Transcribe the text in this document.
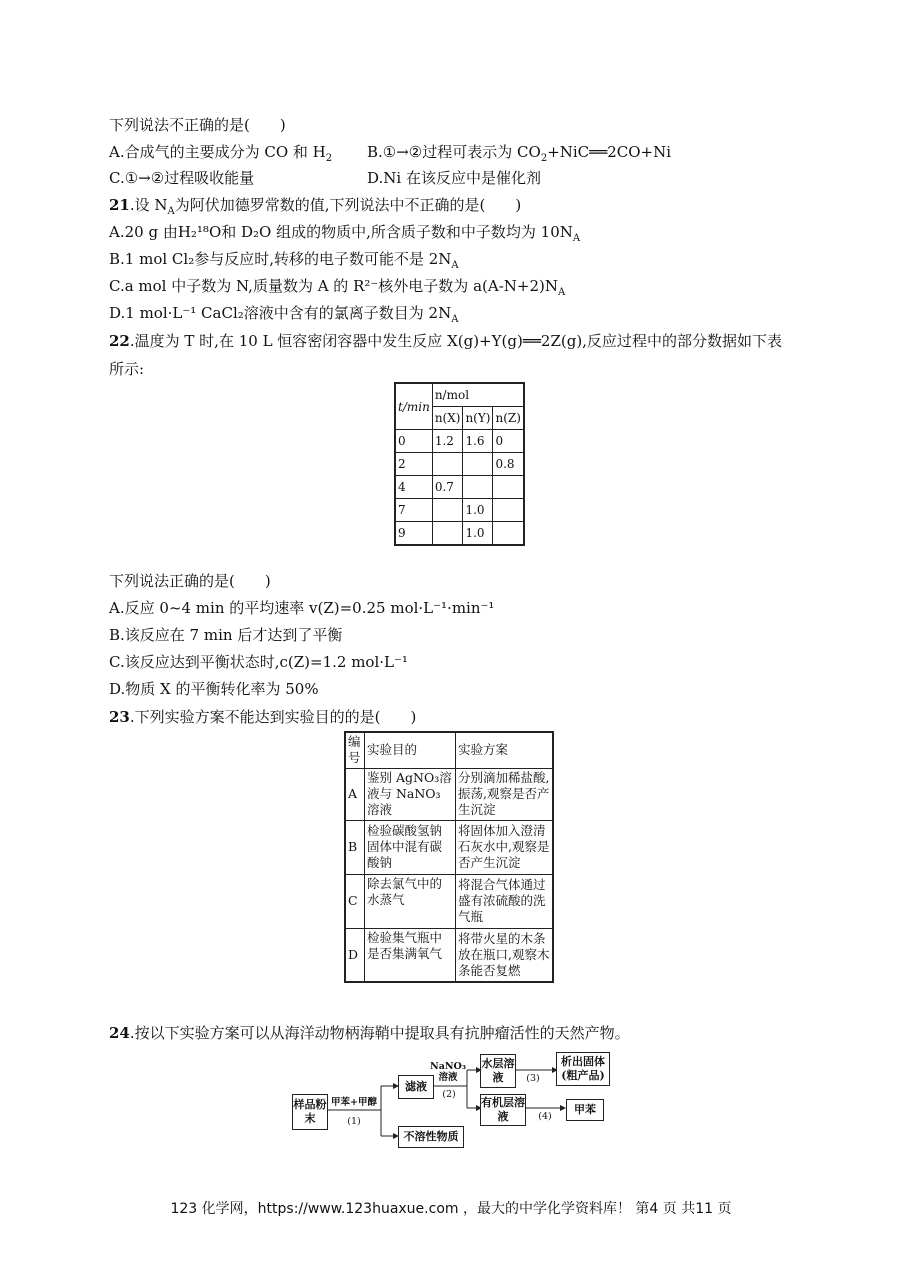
下列说法不正确的是(　　)
A.合成气的主要成分为 CO 和 $H_2$ B.①→②过程可表示为 $CO_2+NiC══2CO+Ni$
C.①→②过程吸收能量	D.Ni 在该反应中是催化剂
21.设 $N_A$为阿伏加德罗常数的值,下列说法中不正确的是(　　)
A.20 g 由H₂¹⁸O和 D₂O 组成的物质中,所含质子数和中子数均为 $10N_A$
B.1 mol Cl₂参与反应时,转移的电子数可能不是 $2N_A$
C.a mol 中子数为 N,质量数为 A 的 R²⁻核外电子数为 $a(A-N+2)N_A$
D.1 mol·L⁻¹ CaCl₂溶液中含有的氯离子数目为 $2N_A$
22.温度为 T 时,在 10 L 恒容密闭容器中发生反应 X(g)+Y(g)══2Z(g),反应过程中的部分数据如下表
所示:
t/min	n/mol		
	n(X)	n(Y)	n(Z)
0	1.2	1.6	0
2			0.8
4	0.7		
7		1.0	
9		1.0	
下列说法正确的是(　　)
A.反应 0~4 min 的平均速率 v(Z)=0.25 mol·L⁻¹·min⁻¹
B.该反应在 7 min 后才达到了平衡
C.该反应达到平衡状态时,c(Z)=1.2 mol·L⁻¹
D.物质 X 的平衡转化率为 50%
23.下列实验方案不能达到实验目的的是(　　)
编号	实验目的	实验方案
A	鉴别 AgNO₃溶液与 NaNO₃溶液	分别滴加稀盐酸,振荡,观察是否产生沉淀
B	检验碳酸氢钠固体中混有碳酸钠	将固体加入澄清石灰水中,观察是否产生沉淀
C	除去氯气中的水蒸气	将混合气体通过盛有浓硫酸的洗气瓶
D	检验集气瓶中是否集满氧气	将带火星的木条放在瓶口,观察木条能否复燃
24.按以下实验方案可以从海洋动物柄海鞘中提取具有抗肿瘤活性的天然产物。
样品粉末
甲苯+甲醇
(1)
滤液
不溶性物质
NaNO₃溶液
(2)
水层溶液
有机层溶液
(3)
(4)
析出固体(粗产品)
甲苯
123 化学网，https://www.123huaxue.com ，最大的中学化学资料库！ 第4 页 共11 页
